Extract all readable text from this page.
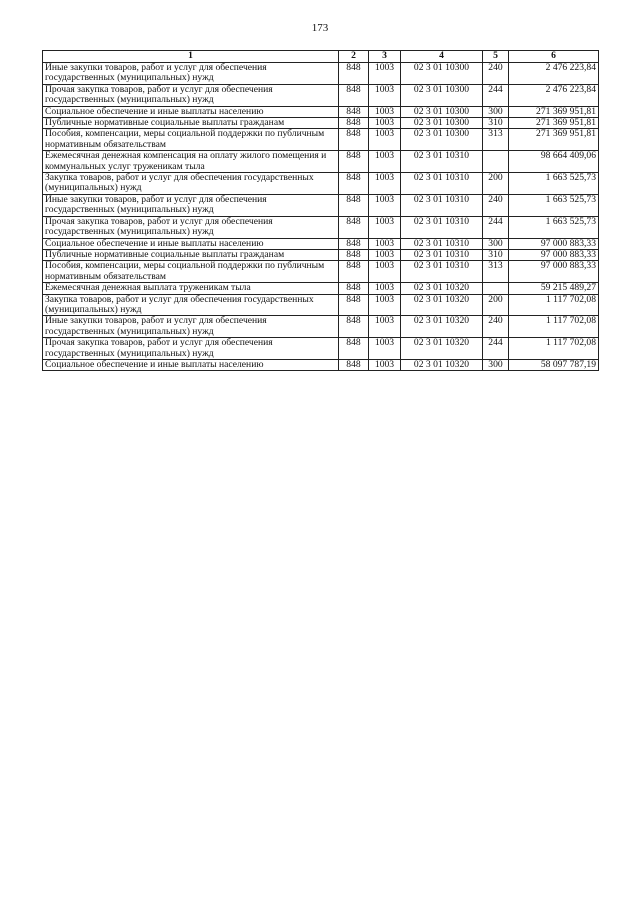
173
1	2	3	4	5	6
Иные закупки товаров, работ и услуг для обеспечения государственных (муниципальных) нужд	848	1003	02 3 01 10300	240	2 476 223,84
Прочая закупка товаров, работ и услуг для обеспечения государственных (муниципальных) нужд	848	1003	02 3 01 10300	244	2 476 223,84
Социальное обеспечение и иные выплаты населению	848	1003	02 3 01 10300	300	271 369 951,81
Публичные нормативные социальные выплаты гражданам	848	1003	02 3 01 10300	310	271 369 951,81
Пособия, компенсации, меры социальной поддержки по публичным нормативным обязательствам	848	1003	02 3 01 10300	313	271 369 951,81
Ежемесячная денежная компенсация на оплату жилого помещения и коммунальных услуг труженикам тыла	848	1003	02 3 01 10310		98 664 409,06
Закупка товаров, работ и услуг для обеспечения государственных (муниципальных) нужд	848	1003	02 3 01 10310	200	1 663 525,73
Иные закупки товаров, работ и услуг для обеспечения государственных (муниципальных) нужд	848	1003	02 3 01 10310	240	1 663 525,73
Прочая закупка товаров, работ и услуг для обеспечения государственных (муниципальных) нужд	848	1003	02 3 01 10310	244	1 663 525,73
Социальное обеспечение и иные выплаты населению	848	1003	02 3 01 10310	300	97 000 883,33
Публичные нормативные социальные выплаты гражданам	848	1003	02 3 01 10310	310	97 000 883,33
Пособия, компенсации, меры социальной поддержки по публичным нормативным обязательствам	848	1003	02 3 01 10310	313	97 000 883,33
Ежемесячная денежная выплата труженикам тыла	848	1003	02 3 01 10320		59 215 489,27
Закупка товаров, работ и услуг для обеспечения государственных (муниципальных) нужд	848	1003	02 3 01 10320	200	1 117 702,08
Иные закупки товаров, работ и услуг для обеспечения государственных (муниципальных) нужд	848	1003	02 3 01 10320	240	1 117 702,08
Прочая закупка товаров, работ и услуг для обеспечения государственных (муниципальных) нужд	848	1003	02 3 01 10320	244	1 117 702,08
Социальное обеспечение и иные выплаты населению	848	1003	02 3 01 10320	300	58 097 787,19
